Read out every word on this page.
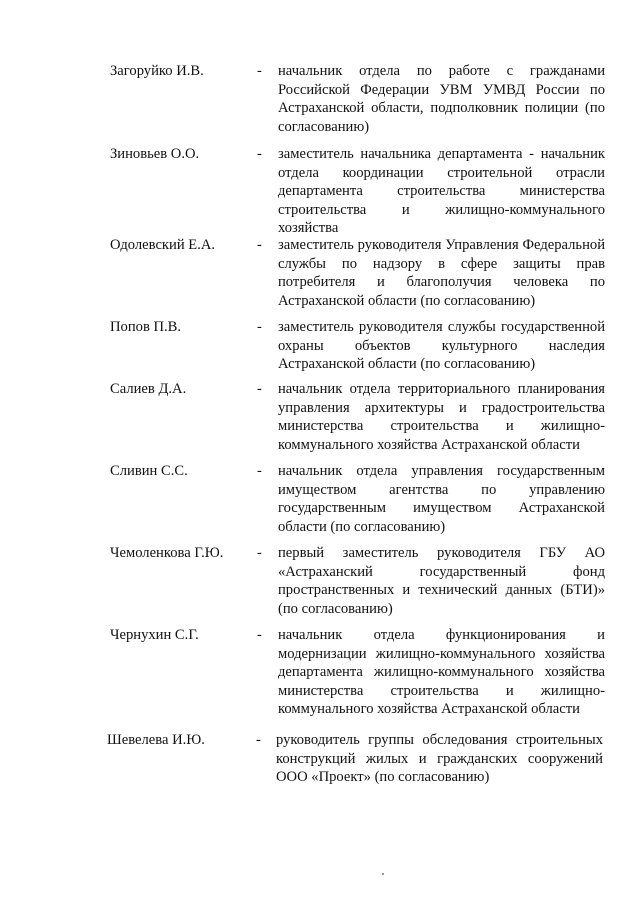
Загоруйко И.В.	- начальник отдела по работе с гражданами Российской Федерации УВМ УМВД России по Астраханской области, подполковник полиции (по согласованию)
Зиновьев О.О.	- заместитель начальника департамента - начальник отдела координации строительной отрасли департамента строительства министерства строительства и жилищно-коммунального хозяйства
Одолевский Е.А.	- заместитель руководителя Управления Федеральной службы по надзору в сфере защиты прав потребителя и благополучия человека по Астраханской области (по согласованию)
Попов П.В.	- заместитель руководителя службы государственной охраны объектов культурного наследия Астраханской области (по согласованию)
Салиев Д.А.	- начальник отдела территориального планирования управления архитектуры и градостроительства министерства строительства и жилищно-коммунального хозяйства Астраханской области
Сливин С.С.	- начальник отдела управления государственным имуществом агентства по управлению государственным имуществом Астраханской области (по согласованию)
Чемоленкова Г.Ю. - первый заместитель руководителя ГБУ АО «Астраханский государственный фонд пространственных и технический данных (БТИ)» (по согласованию)
Чернухин С.Г.	- начальник отдела функционирования и модернизации жилищно-коммунального хозяйства департамента жилищно-коммунального хозяйства министерства строительства и жилищно-коммунального хозяйства Астраханской области
Шевелева И.Ю.	- руководитель группы обследования строительных конструкций жилых и гражданских сооружений ООО «Проект» (по согласованию)
